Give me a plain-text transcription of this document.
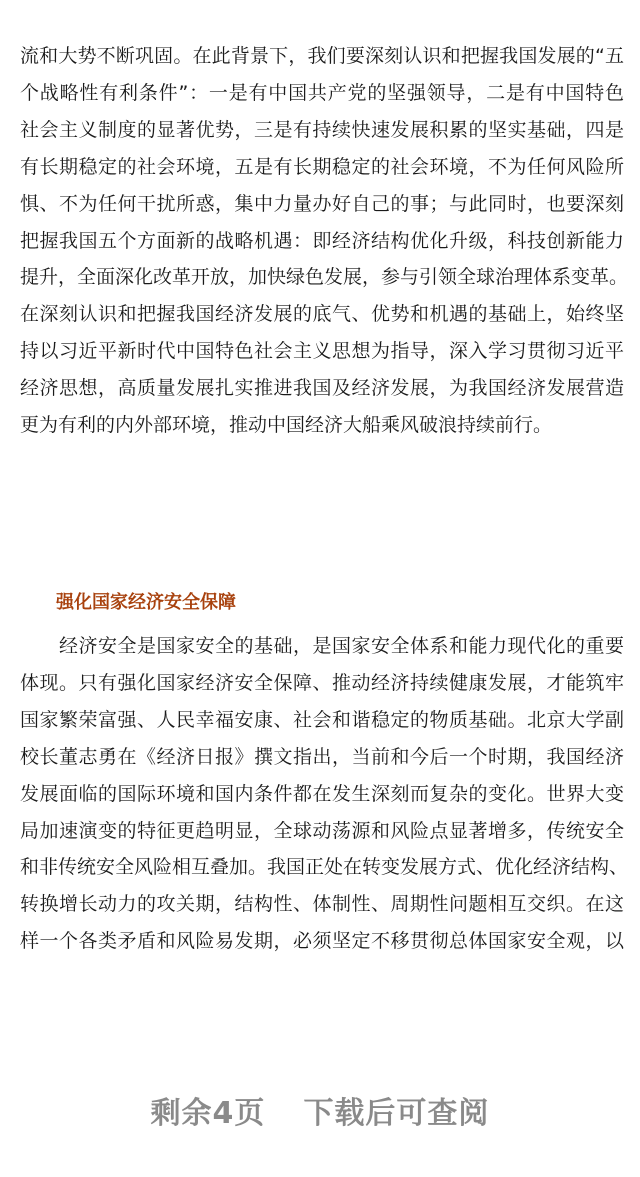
流和大势不断巩固。在此背景下，我们要深刻认识和把握我国发展的“五
个战略性有利条件”：一是有中国共产党的坚强领导，二是有中国特色
社会主义制度的显著优势，三是有持续快速发展积累的坚实基础，四是
有长期稳定的社会环境，五是有长期稳定的社会环境，不为任何风险所
惧、不为任何干扰所惑，集中力量办好自己的事；与此同时，也要深刻
把握我国五个方面新的战略机遇：即经济结构优化升级，科技创新能力
提升，全面深化改革开放，加快绿色发展，参与引领全球治理体系变革。
在深刻认识和把握我国经济发展的底气、优势和机遇的基础上，始终坚
持以习近平新时代中国特色社会主义思想为指导，深入学习贯彻习近平
经济思想，高质量发展扎实推进我国及经济发展，为我国经济发展营造
更为有利的内外部环境，推动中国经济大船乘风破浪持续前行。
强化国家经济安全保障
　　经济安全是国家安全的基础，是国家安全体系和能力现代化的重要
体现。只有强化国家经济安全保障、推动经济持续健康发展，才能筑牢
国家繁荣富强、人民幸福安康、社会和谐稳定的物质基础。北京大学副
校长董志勇在《经济日报》撰文指出，当前和今后一个时期，我国经济
发展面临的国际环境和国内条件都在发生深刻而复杂的变化。世界大变
局加速演变的特征更趋明显，全球动荡源和风险点显著增多，传统安全
和非传统安全风险相互叠加。我国正处在转变发展方式、优化经济结构、
转换增长动力的攻关期，结构性、体制性、周期性问题相互交织。在这
样一个各类矛盾和风险易发期，必须坚定不移贯彻总体国家安全观，以
剩余4页 下载后可查阅
